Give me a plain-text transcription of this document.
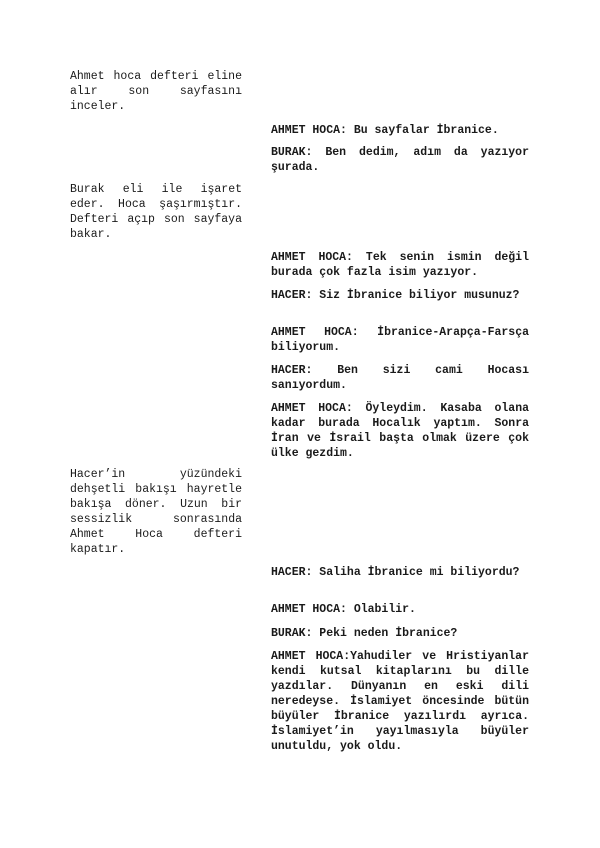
Ahmet hoca defteri eline alır son sayfasını inceler.
AHMET HOCA: Bu sayfalar İbranice.
BURAK: Ben dedim, adım da yazıyor şurada.
Burak eli ile işaret eder. Hoca şaşırmıştır. Defteri açıp son sayfaya bakar.
AHMET HOCA: Tek senin ismin değil burada çok fazla isim yazıyor.
HACER: Siz İbranice biliyor musunuz?
AHMET HOCA: İbranice-Arapça-Farsça biliyorum.
HACER: Ben sizi cami Hocası sanıyordum.
AHMET HOCA: Öyleydim. Kasaba olana kadar burada Hocalık yaptım. Sonra İran ve İsrail başta olmak üzere çok ülke gezdim.
Hacer’in yüzündeki dehşetli bakışı hayretle bakışa döner. Uzun bir sessizlik sonrasında Ahmet Hoca defteri kapatır.
HACER: Saliha İbranice mi biliyordu?
AHMET HOCA: Olabilir.
BURAK: Peki neden İbranice?
AHMET HOCA:Yahudiler ve Hristiyanlar kendi kutsal kitaplarını bu dille yazdılar. Dünyanın en eski dili neredeyse. İslamiyet öncesinde bütün büyüler İbranice yazılırdı ayrıca. İslamiyet’in yayılmasıyla büyüler unutuldu, yok oldu.
